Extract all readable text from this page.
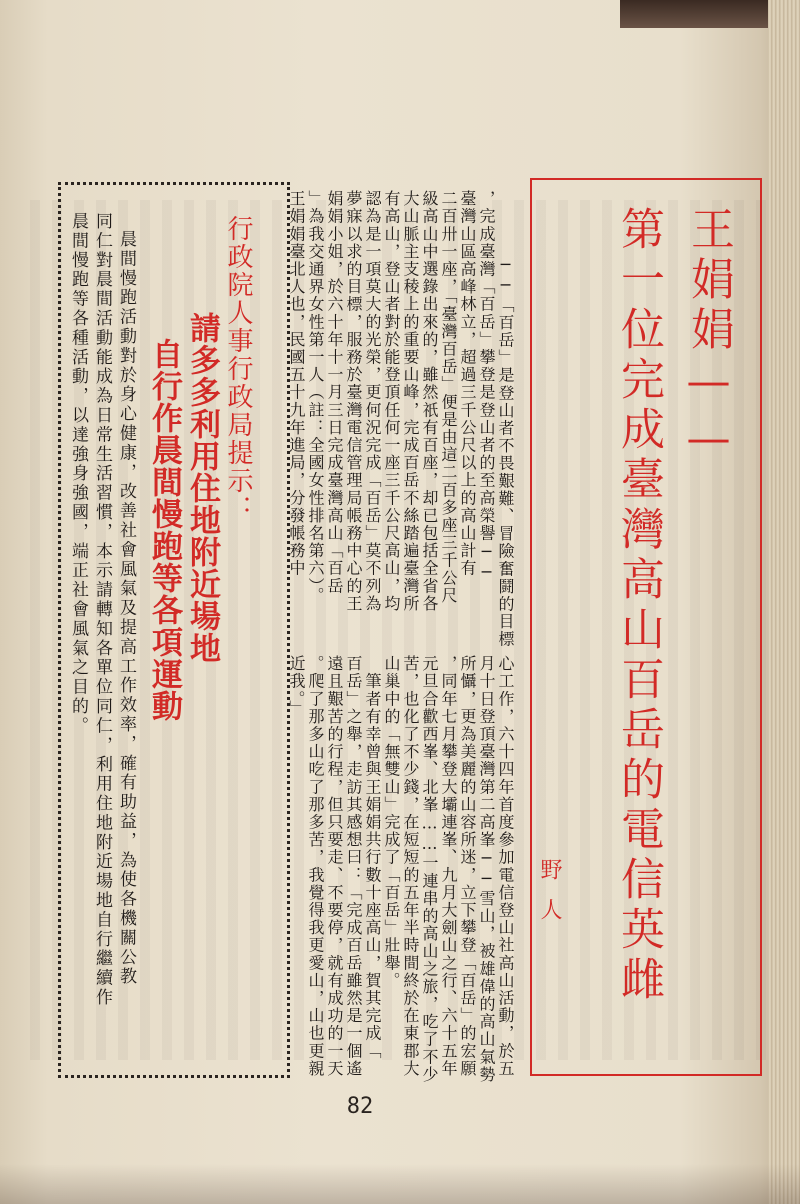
王娟娟——
第一位完成臺灣高山百岳的電信英雌
野人
──「百岳」是登山者不畏艱難、冒險奮鬪的目標
，完成臺灣「百岳」攀登是登山者的至高榮譽──
臺灣山區高峰林立，超過三千公尺以上的高山計有
二百卅一座，「臺灣百岳」便是由這二百多座三千公尺
級高山中選錄出來的，雖然祇有百座，却已包括全省各
大山脈主支稜上的重要山峰，完成百岳不絲踏遍臺灣所
有高山，登山者對於能登頂任何一座三千公尺高山，均
認為是一項莫大的光榮，更何況完成「百岳」莫不列為
夢寐以求的目標，服務於臺灣電信管理局帳務中心的王
娟娟小姐，於六十年十一月三日完成臺灣高山「百岳
」為我交通界女性第一人（註：全國女性排名第六）。
王娟娟臺北人也，民國五十九年進局，分發帳務中
心工作，六十四年首度參加電信登山社高山活動，於五
月十日登頂臺灣第二高峯──雪山，被雄偉的高山氣勢
所懾，更為美麗的山容所迷，立下攀登「百岳」的宏願
，同年七月攀登大壩連峯、九月大劍山之行、六十五年
元旦合歡西峯、北峯……一連串的高山之旅，吃了不少
苦，也化了不少錢，在短短的五年半時間終於在東郡大
山巢中的「無雙山」完成了「百岳」壯舉。
　筆者有幸曾與王娟娟共行數十座高山，賀其完成「
百岳」之舉，走訪其感想曰：「完成百岳雖然是一個遙
遠且艱苦的行程，但只要走、不要停，就有成功的一天
。爬了那多山吃了那多苦，我覺得我更愛山，山也更親
近我。」
行政院人事行政局提示：
請多多利用住地附近場地
自行作晨間慢跑等各項運動
晨間慢跑活動對於身心健康，改善社會風氣及提高工作效率，確有助益，為使各機關公教
同仁對晨間活動能成為日常生活習慣，本示請轉知各單位同仁，利用住地附近場地自行繼續作
晨間慢跑等各種活動，以達強身強國，端正社會風氣之目的。
82
